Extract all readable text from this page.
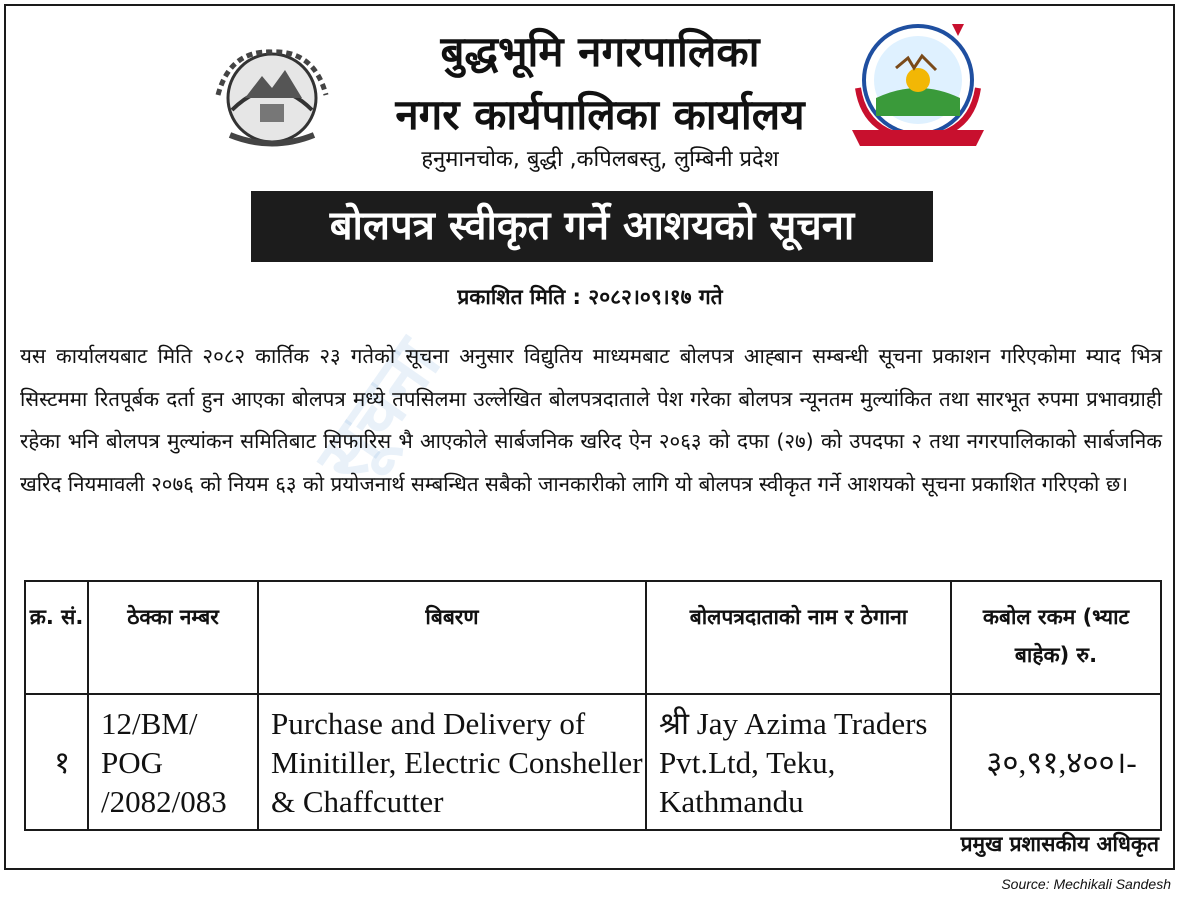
बुद्धभूमि नगरपालिका
नगर कार्यपालिका कार्यालय
हनुमानचोक, बुद्धी ,कपिलबस्तु, लुम्बिनी प्रदेश
बोलपत्र स्वीकृत गर्ने आशयको सूचना
प्रकाशित मिति : २०८२।०९।१७ गते
सूचना

यस कार्यालयबाट मिति २०८२ कार्तिक २३ गतेको सूचना अनुसार विद्युतिय माध्यमबाट बोलपत्र आह्बान सम्बन्धी सूचना प्रकाशन गरिएकोमा म्याद भित्र सिस्टममा रितपूर्बक दर्ता हुन आएका बोलपत्र मध्ये तपसिलमा उल्लेखित बोलपत्रदाताले पेश गरेका बोलपत्र न्यूनतम मुल्यांकित तथा सारभूत रुपमा प्रभावग्राही रहेका भनि बोलपत्र मुल्यांकन समितिबाट सिफारिस भै आएकोले सार्बजनिक खरिद ऐन २०६३ को दफा (२७) को उपदफा २ तथा नगरपालिकाको सार्बजनिक खरिद नियमावली २०७६ को नियम ६३ को प्रयोजनार्थ सम्बन्धित सबैको जानकारीको लागि यो बोलपत्र स्वीकृत गर्ने आशयको सूचना प्रकाशित गरिएको छ।

क्र. सं.	ठेक्का नम्बर	बिबरण	बोलपत्रदाताको नाम र ठेगाना	कबोल रकम (भ्याट बाहेक) रु.
१	12/BM/ POG /2082/083	Purchase and Delivery of Minitiller, Electric Consheller & Chaffcutter	श्री Jay Azima Traders Pvt.Ltd, Teku, Kathmandu	३०,९१,४००।-
प्रमुख प्रशासकीय अधिकृत
Source: Mechikali Sandesh
